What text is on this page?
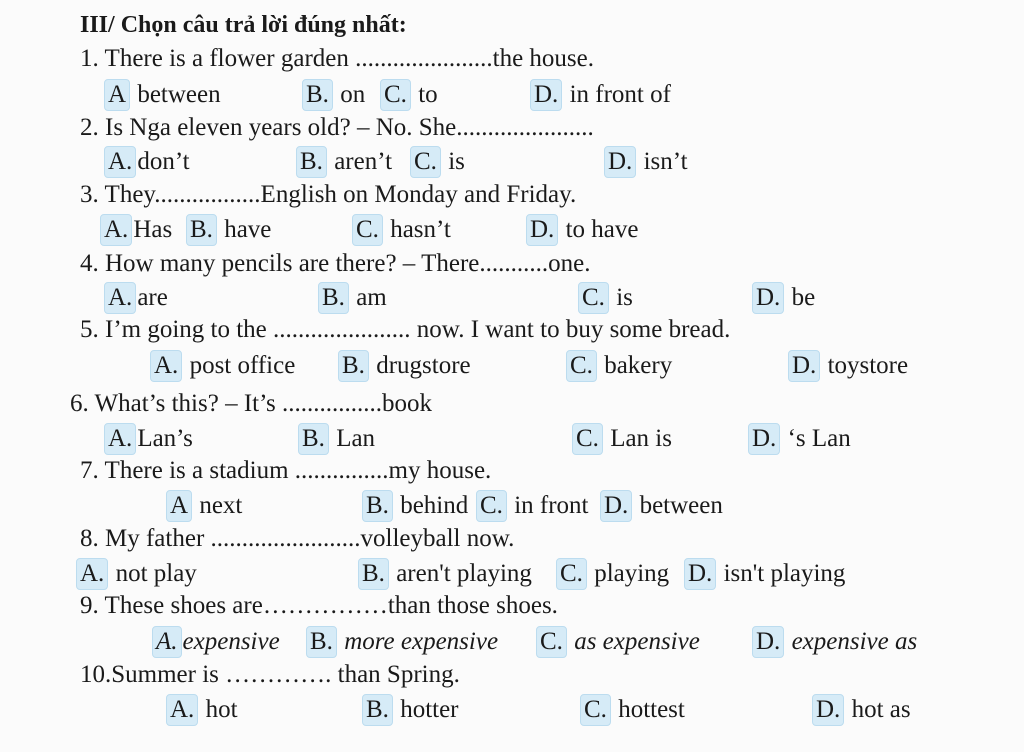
III/ Chọn câu trả lời đúng nhất:
1. There is a flower garden ......................the house.
A between	B. on C. to	D. in front of
2. Is Nga eleven years old? – No. She......................
A. don’t	B. aren’t C. is	D. isn’t
3. They.................English on Monday and Friday.
A. Has B. have	C. hasn’t	D. to have
4. How many pencils are there? – There...........one.
A. are	B. am	C. is	D. be
5. I’m going to the ...................... now. I want to buy some bread.
A. post office B. drugstore	C. bakery	D. toystore
6. What’s this? – It’s ................book
A. Lan’s	B. Lan	C. Lan is	D. ‘s Lan
7. There is a stadium ...............my house.
A next	B. behind C. in front D. between
8. My father ........................volleyball now.
A. not play	B. aren't playing C. playing D. isn't playing
9. These shoes are……………than those shoes.
A. expensive B. more expensive C. as expensive D. expensive as
10.Summer is …………. than Spring.
A. hot	B. hotter	C. hottest	D. hot as
